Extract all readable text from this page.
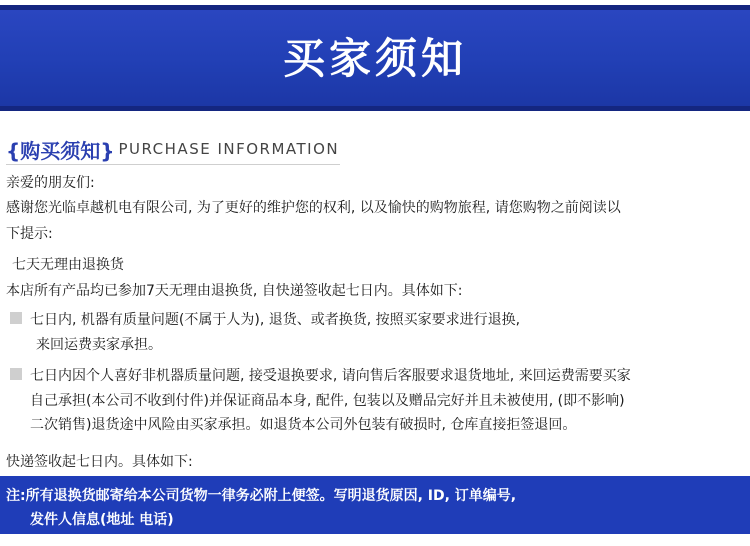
买家须知
{购买须知} PURCHASE INFORMATION
亲爱的朋友们:
感谢您光临卓越机电有限公司, 为了更好的维护您的权利, 以及愉快的购物旅程, 请您购物之前阅读以
下提示:
七天无理由退换货
本店所有产品均已参加7天无理由退换货, 自快递签收起七日内。具体如下:
七日内, 机器有质量问题(不属于人为), 退货、或者换货, 按照买家要求进行退换,
来回运费卖家承担。
七日内因个人喜好非机器质量问题, 接受退换要求, 请向售后客服要求退货地址, 来回运费需要买家
自己承担(本公司不收到付件)并保证商品本身, 配件, 包装以及赠品完好并且未被使用, (即不影响)
二次销售)退货途中风险由买家承担。如退货本公司外包装有破损时, 仓库直接拒签退回。
快递签收起七日内。具体如下:
注:所有退换货邮寄给本公司货物一律务必附上便签。写明退货原因, ID, 订单编号,
发件人信息(地址 电话)
